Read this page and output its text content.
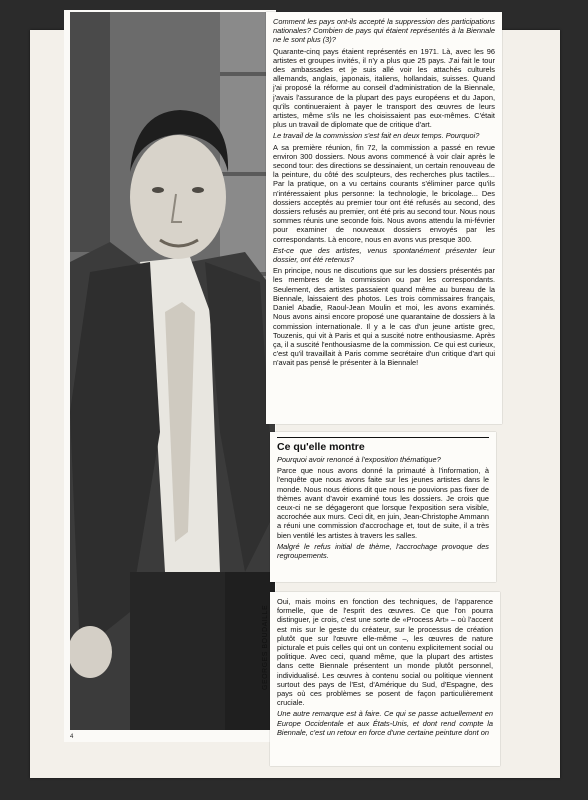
GEORGES BOUDAILLE
4

Comment les pays ont-ils accepté la suppression des participations nationales? Combien de pays qui étaient représentés à la Biennale ne le sont plus (3)?

Quarante-cinq pays étaient représentés en 1971. Là, avec les 96 artistes et groupes invités, il n'y a plus que 25 pays. J'ai fait le tour des ambassades et je suis allé voir les attachés culturels allemands, anglais, japonais, italiens, hollandais, suisses. Quand j'ai proposé la réforme au conseil d'administration de la Biennale, j'avais l'assurance de la plupart des pays européens et du Japon, qu'ils continueraient à payer le transport des œuvres de leurs artistes, même s'ils ne les choisissaient pas eux-mêmes. C'était plus un travail de diplomate que de critique d'art.

Le travail de la commission s'est fait en deux temps. Pourquoi?

A sa première réunion, fin 72, la commission a passé en revue environ 300 dossiers. Nous avons commencé à voir clair après le second tour: des directions se dessinaient, un certain renouveau de la peinture, du côté des sculpteurs, des recherches plus tactiles... Par la pratique, on a vu certains courants s'éliminer parce qu'ils n'intéressaient plus personne: la technologie, le bricolage... Des dossiers acceptés au premier tour ont été refusés au second, des dossiers refusés au premier, ont été pris au second tour. Nous nous sommes réunis une seconde fois. Nous avons attendu la mi-février pour examiner de nouveaux dossiers envoyés par les correspondants. Là encore, nous en avons vus presque 300.

Est-ce que des artistes, venus spontanément présenter leur dossier, ont été retenus?

En principe, nous ne discutions que sur les dossiers présentés par les membres de la commission ou par les correspondants. Seulement, des artistes passaient quand même au bureau de la Biennale, laissaient des photos. Les trois commissaires français, Daniel Abadie, Raoul-Jean Moulin et moi, les avons examinés. Nous avons ainsi encore proposé une quarantaine de dossiers à la commission internationale. Il y a le cas d'un jeune artiste grec, Touzenis, qui vit à Paris et qui a suscité notre enthousiasme. Après ça, il a suscité l'enthousiasme de la commission. Ce qui est curieux, c'est qu'il travaillait à Paris comme secrétaire d'un critique d'art qui n'avait pas pensé le présenter à la Biennale!

Ce qu'elle montre

Pourquoi avoir renoncé à l'exposition thématique?

Parce que nous avons donné la primauté à l'information, à l'enquête que nous avons faite sur les jeunes artistes dans le monde. Nous nous étions dit que nous ne pouvions pas fixer de thèmes avant d'avoir examiné tous les dossiers. Je crois que ceux-ci ne se dégageront que lorsque l'exposition sera visible, accrochée aux murs. Ceci dit, en juin, Jean-Christophe Ammann a réuni une commission d'accrochage et, tout de suite, il a très bien ventilé les artistes à travers les salles.

Malgré le refus initial de thème, l'accrochage provoque des regroupements.

Oui, mais moins en fonction des techniques, de l'apparence formelle, que de l'esprit des œuvres. Ce que l'on pourra distinguer, je crois, c'est une sorte de «Process Art» – où l'accent est mis sur le geste du créateur, sur le processus de création plutôt que sur l'œuvre elle-même –, les œuvres de nature picturale et puis celles qui ont un contenu explicitement social ou politique. Avec ceci, quand même, que la plupart des artistes dans cette Biennale présentent un monde plutôt personnel, individualisé. Les œuvres à contenu social ou politique viennent surtout des pays de l'Est, d'Amérique du Sud, d'Espagne, des pays où ces problèmes se posent de façon particulièrement cruciale.

Une autre remarque est à faire. Ce qui se passe actuellement en Europe Occidentale et aux États-Unis, et dont rend compte la Biennale, c'est un retour en force d'une certaine peinture dont on
